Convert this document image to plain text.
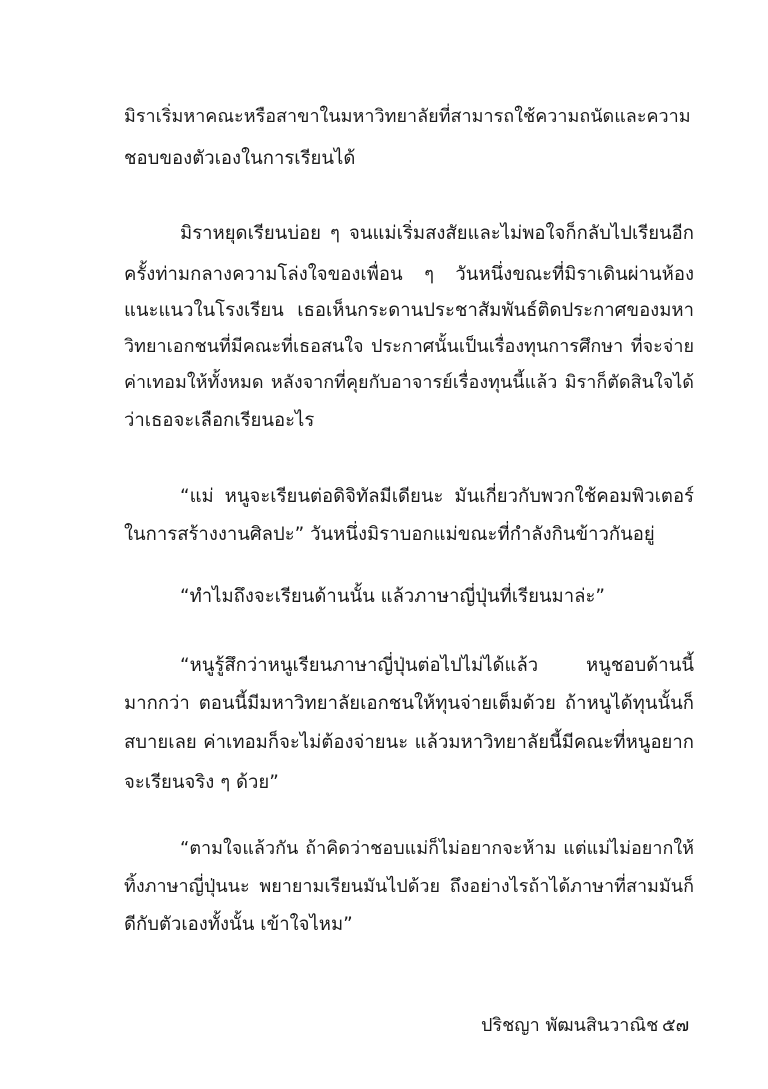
มิราเริ่มหาคณะหรือสาขาในมหาวิทยาลัยที่สามารถใช้ความถนัดและความ
ชอบของตัวเองในการเรียนได้
มิราหยุดเรียนบ่อย ๆ จนแม่เริ่มสงสัยและไม่พอใจก็กลับไปเรียนอีก
ครั้งท่ามกลางความโล่งใจของเพื่อน ๆ วันหนึ่งขณะที่มิราเดินผ่านห้อง
แนะแนวในโรงเรียน เธอเห็นกระดานประชาสัมพันธ์ติดประกาศของมหา
วิทยาเอกชนที่มีคณะที่เธอสนใจ ประกาศนั้นเป็นเรื่องทุนการศึกษา ที่จะจ่าย
ค่าเทอมให้ทั้งหมด หลังจากที่คุยกับอาจารย์เรื่องทุนนี้แล้ว มิราก็ตัดสินใจได้
ว่าเธอจะเลือกเรียนอะไร
“แม่ หนูจะเรียนต่อดิจิทัลมีเดียนะ มันเกี่ยวกับพวกใช้คอมพิวเตอร์
ในการสร้างงานศิลปะ” วันหนึ่งมิราบอกแม่ขณะที่กำลังกินข้าวกันอยู่
“ทำไมถึงจะเรียนด้านนั้น แล้วภาษาญี่ปุ่นที่เรียนมาล่ะ”
“หนูรู้สึกว่าหนูเรียนภาษาญี่ปุ่นต่อไปไม่ได้แล้ว หนูชอบด้านนี้
มากกว่า ตอนนี้มีมหาวิทยาลัยเอกชนให้ทุนจ่ายเต็มด้วย ถ้าหนูได้ทุนนั้นก็
สบายเลย ค่าเทอมก็จะไม่ต้องจ่ายนะ แล้วมหาวิทยาลัยนี้มีคณะที่หนูอยาก
จะเรียนจริง ๆ ด้วย”
“ตามใจแล้วกัน ถ้าคิดว่าชอบแม่ก็ไม่อยากจะห้าม แต่แม่ไม่อยากให้
ทิ้งภาษาญี่ปุ่นนะ พยายามเรียนมันไปด้วย ถึงอย่างไรถ้าได้ภาษาที่สามมันก็
ดีกับตัวเองทั้งนั้น เข้าใจไหม”
ปริชญา พัฒนสินวาณิช ๕๗
